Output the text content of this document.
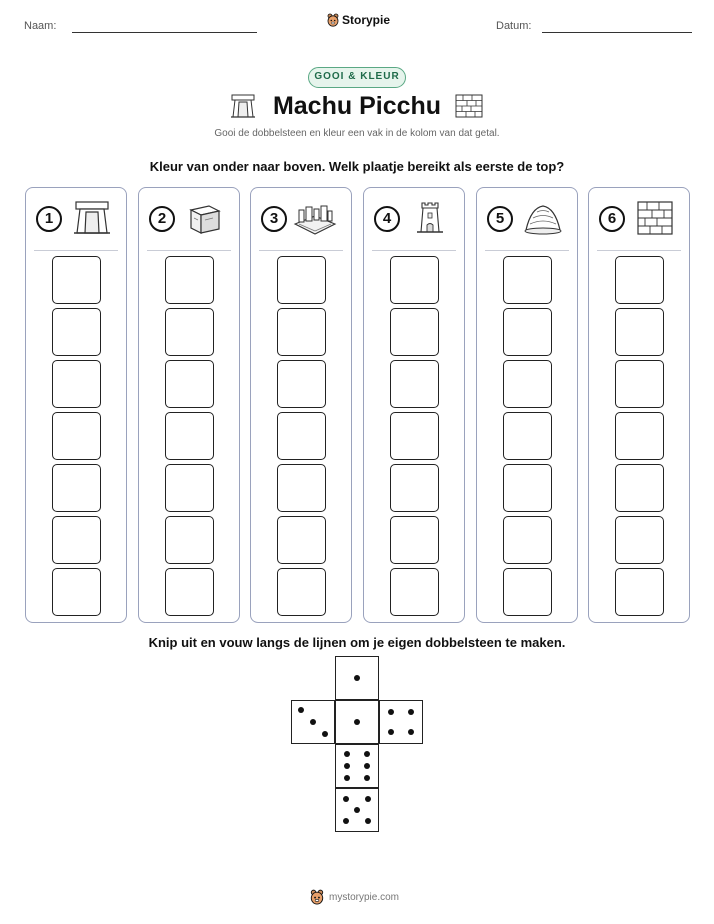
Naam:	Datum:
Storypie
GOOI & KLEUR
Machu Picchu
Gooi de dobbelsteen en kleur een vak in de kolom van dat getal.
Kleur van onder naar boven. Welk plaatje bereikt als eerste de top?
1	2	3	4	5	6
Knip uit en vouw langs de lijnen om je eigen dobbelsteen te maken.
mystorypie.com
